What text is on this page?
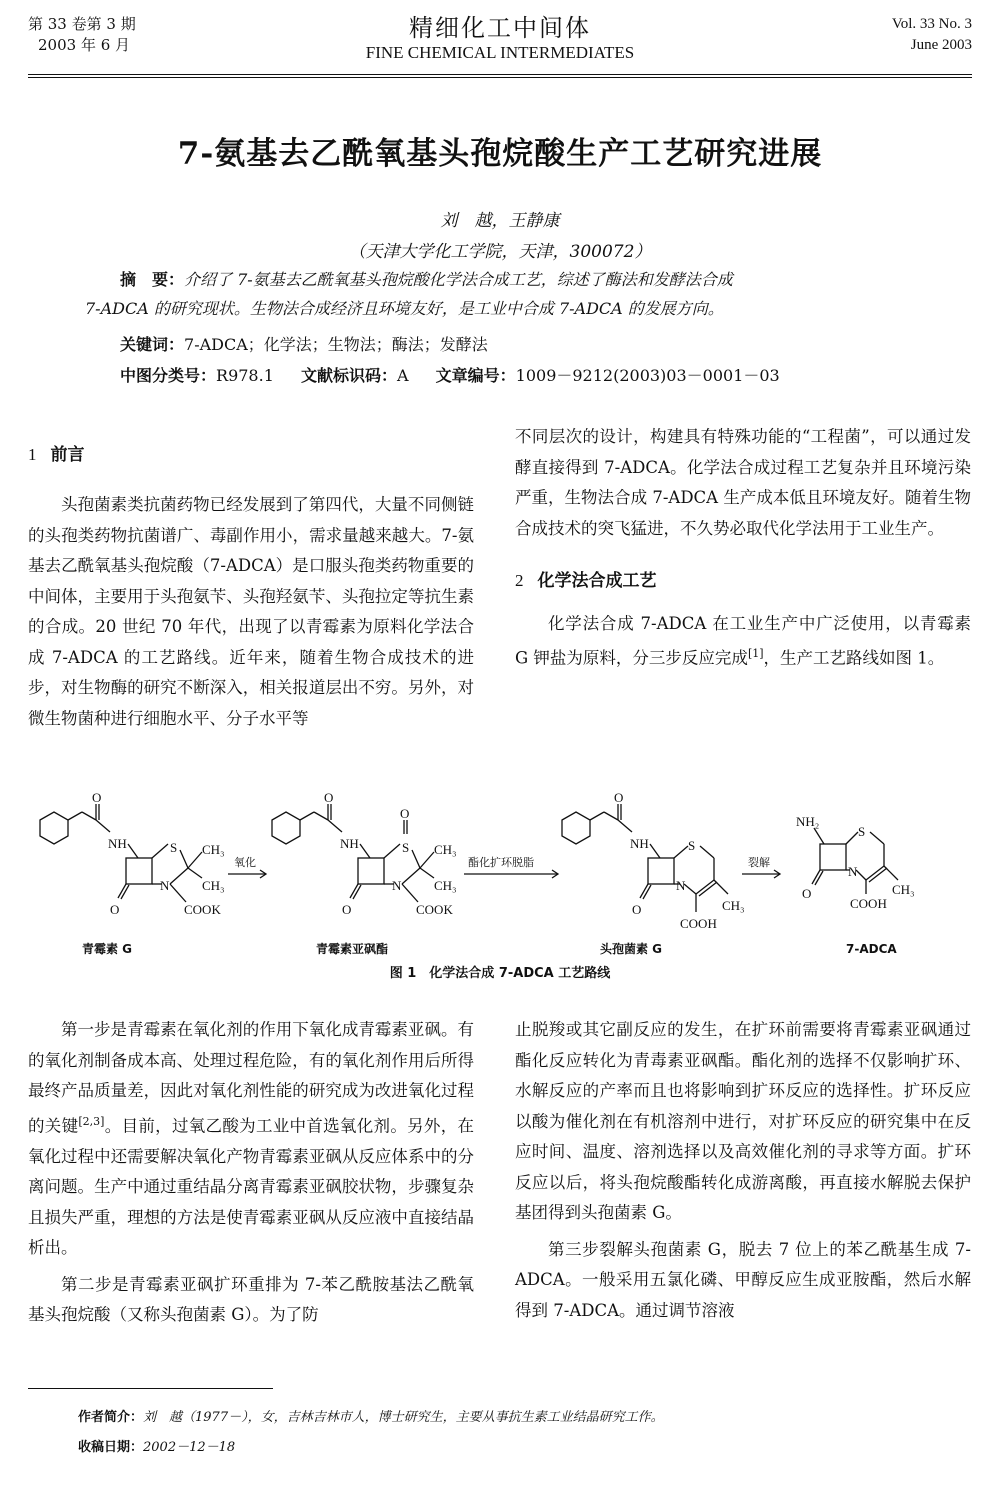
第 33 卷第 3 期
2003 年 6 月
精细化工中间体
FINE CHEMICAL INTERMEDIATES
Vol. 33 No. 3
June 2003
7-氨基去乙酰氧基头孢烷酸生产工艺研究进展
刘　越，王静康
（天津大学化工学院，天津，300072）
摘　要：介绍了 7-氨基去乙酰氧基头孢烷酸化学法合成工艺，综述了酶法和发酵法合成
7-ADCA 的研究现状。生物法合成经济且环境友好，是工业中合成 7-ADCA 的发展方向。
关键词：7-ADCA；化学法；生物法；酶法；发酵法
中图分类号：R978.1 文献标识码：A 文章编号：1009－9212(2003)03－0001－03
1 前言

头孢菌素类抗菌药物已经发展到了第四代，大量不同侧链的头孢类药物抗菌谱广、毒副作用小，需求量越来越大。7-氨基去乙酰氧基头孢烷酸（7-ADCA）是口服头孢类药物重要的中间体，主要用于头孢氨苄、头孢羟氨苄、头孢拉定等抗生素的合成。20 世纪 70 年代，出现了以青霉素为原料化学法合成 7-ADCA 的工艺路线。近年来，随着生物合成技术的进步，对生物酶的研究不断深入，相关报道层出不穷。另外，对微生物菌种进行细胞水平、分子水平等

不同层次的设计，构建具有特殊功能的“工程菌”，可以通过发酵直接得到 7-ADCA。化学法合成过程工艺复杂并且环境污染严重，生物法合成 7-ADCA 生产成本低且环境友好。随着生物合成技术的突飞猛进，不久势必取代化学法用于工业生产。

2 化学法合成工艺

化学法合成 7-ADCA 在工业生产中广泛使用，以青霉素 G 钾盐为原料，分三步反应完成[1]，生产工艺路线如图 1。

O
NH	S
N
O
CH₃
CH₃
COOK
氧化
O
O
NH	S
N
O
CH₃
CH₃
COOK
酯化扩环脱脂
O
NH	S
N
O	CH₃
COOH
裂解
NH₂
S
N
O	CH₃
COOH
青霉素 G	青霉素亚砜酯	头孢菌素 G	7-ADCA
图 1　化学法合成 7-ADCA 工艺路线

第一步是青霉素在氧化剂的作用下氧化成青霉素亚砜。有的氧化剂制备成本高、处理过程危险，有的氧化剂作用后所得最终产品质量差，因此对氧化剂性能的研究成为改进氧化过程的关键[2,3]。目前，过氧乙酸为工业中首选氧化剂。另外，在氧化过程中还需要解决氧化产物青霉素亚砜从反应体系中的分离问题。生产中通过重结晶分离青霉素亚砜胶状物，步骤复杂且损失严重，理想的方法是使青霉素亚砜从反应液中直接结晶析出。

第二步是青霉素亚砜扩环重排为 7-苯乙酰胺基法乙酰氧基头孢烷酸（又称头孢菌素 G）。为了防

止脱羧或其它副反应的发生，在扩环前需要将青霉素亚砜通过酯化反应转化为青毒素亚砜酯。酯化剂的选择不仅影响扩环、水解反应的产率而且也将影响到扩环反应的选择性。扩环反应以酸为催化剂在有机溶剂中进行，对扩环反应的研究集中在反应时间、温度、溶剂选择以及高效催化剂的寻求等方面。扩环反应以后，将头孢烷酸酯转化成游离酸，再直接水解脱去保护基团得到头孢菌素 G。

第三步裂解头孢菌素 G，脱去 7 位上的苯乙酰基生成 7-ADCA。一般采用五氯化磷、甲醇反应生成亚胺酯，然后水解得到 7-ADCA。通过调节溶液

作者简介：刘　越（1977－），女，吉林吉林市人，博士研究生，主要从事抗生素工业结晶研究工作。
收稿日期：2002－12－18
